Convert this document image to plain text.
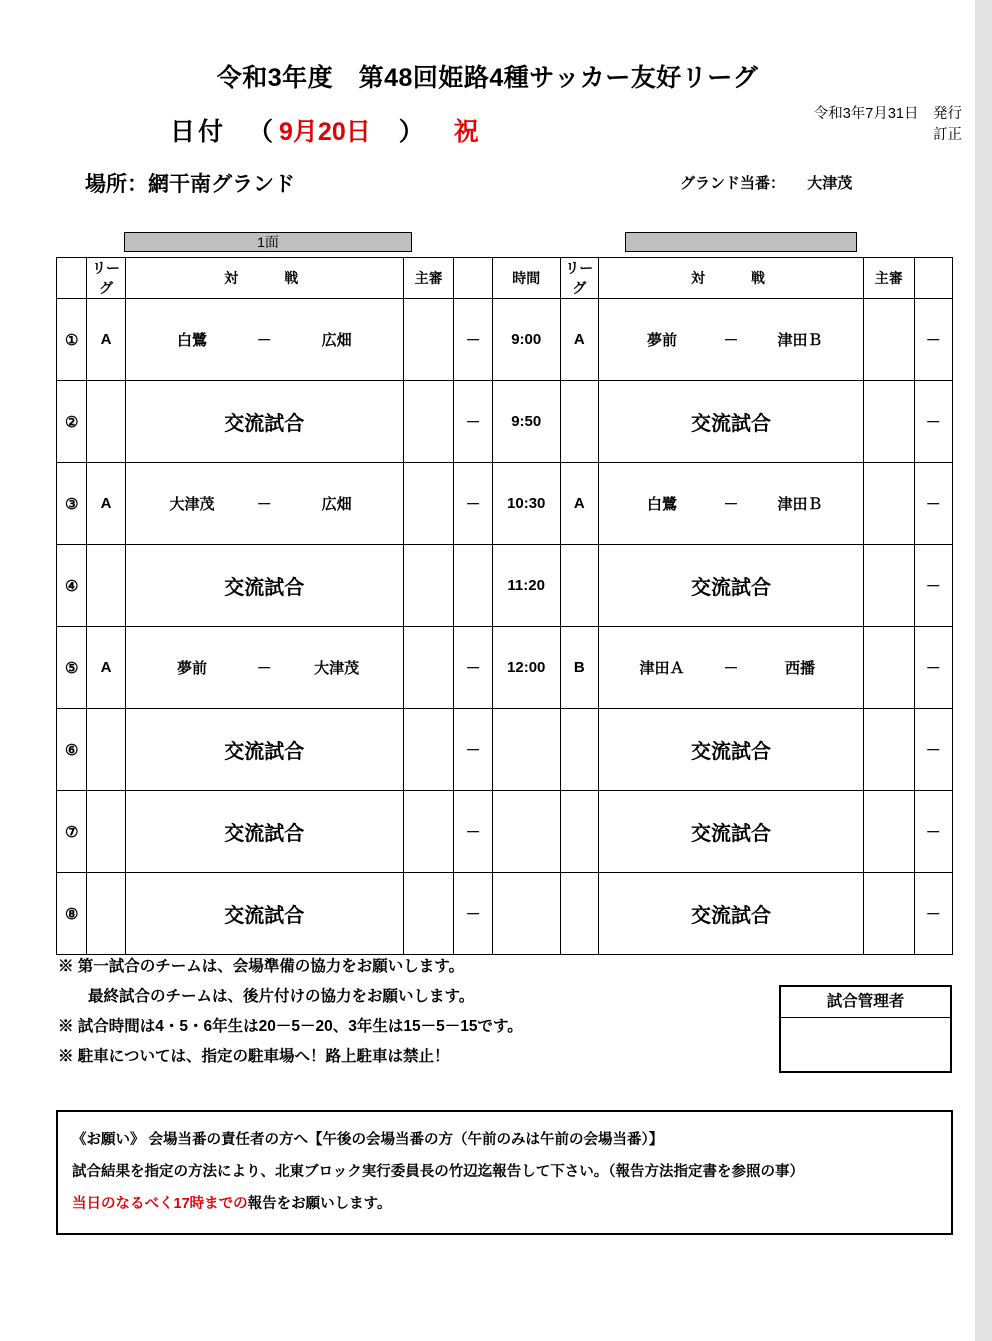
令和3年度　第48回姫路4種サッカー友好リーグ
令和3年7月31日　発行
訂正
日付 （ 9月20日 ） 祝
場所：網干南グランド	グランド当番： 大津茂
1面
	リーグ	対　　戦	主審		時間	リーグ	対　　戦	主審	
①	A	白鷺 － 広畑		－	9:00	A	夢前 － 津田Ｂ		－
②		交流試合		－	9:50		交流試合		－
③	A	大津茂 － 広畑		－	10:30	A	白鷺 － 津田Ｂ		－
④		交流試合			11:20		交流試合		－
⑤	A	夢前 － 大津茂		－	12:00	B	津田Ａ － 西播		－
⑥		交流試合		－			交流試合		－
⑦		交流試合		－			交流試合		－
⑧		交流試合		－			交流試合		－
※ 第一試合のチームは、会場準備の協力をお願いします。
最終試合のチームは、後片付けの協力をお願いします。
※ 試合時間は4・5・6年生は20－5－20、3年生は15－5－15です。
※ 駐車については、指定の駐車場へ！路上駐車は禁止！
試合管理者
《お願い》 会場当番の責任者の方へ【午後の会場当番の方（午前のみは午前の会場当番）】
試合結果を指定の方法により、北東ブロック実行委員長の竹辺迄報告して下さい。（報告方法指定書を参照の事）
当日のなるべく17時までの報告をお願いします。
